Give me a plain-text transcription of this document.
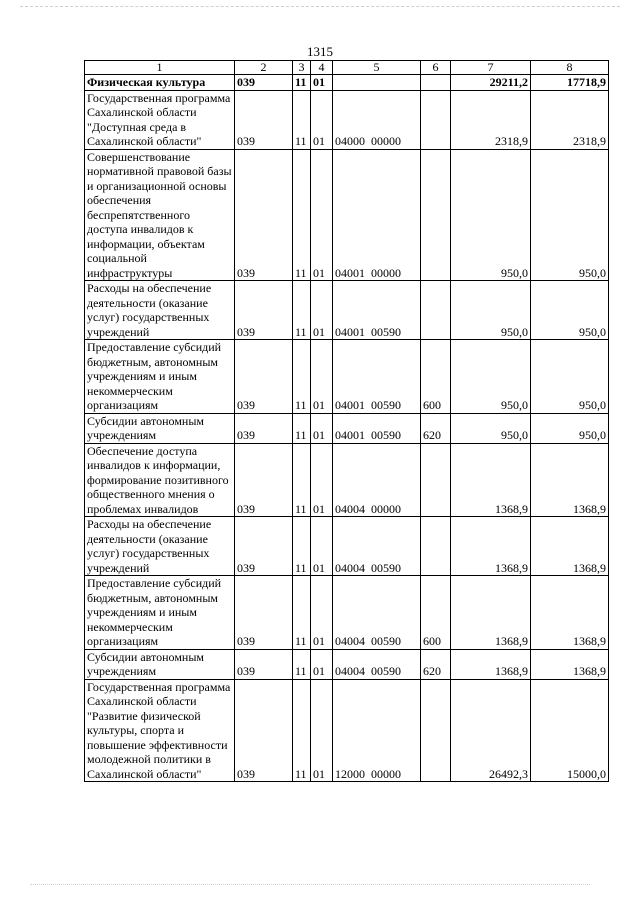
1315
1	2	3	4	5	6	7	8
Физическая культура	039	11	01			29211,2	17718,9
Государственная программа Сахалинской области "Доступная среда в Сахалинской области"	039	11	01	04000 00000		2318,9	2318,9
Совершенствование нормативной правовой базы и организационной основы обеспечения беспрепятственного доступа инвалидов к информации, объектам социальной инфраструктуры	039	11	01	04001 00000		950,0	950,0
Расходы на обеспечение деятельности (оказание услуг) государственных учреждений	039	11	01	04001 00590		950,0	950,0
Предоставление субсидий бюджетным, автономным учреждениям и иным некоммерческим организациям	039	11	01	04001 00590	600	950,0	950,0
Субсидии автономным учреждениям	039	11	01	04001 00590	620	950,0	950,0
Обеспечение доступа инвалидов к информации, формирование позитивного общественного мнения о проблемах инвалидов	039	11	01	04004 00000		1368,9	1368,9
Расходы на обеспечение деятельности (оказание услуг) государственных учреждений	039	11	01	04004 00590		1368,9	1368,9
Предоставление субсидий бюджетным, автономным учреждениям и иным некоммерческим организациям	039	11	01	04004 00590	600	1368,9	1368,9
Субсидии автономным учреждениям	039	11	01	04004 00590	620	1368,9	1368,9
Государственная программа Сахалинской области "Развитие физической культуры, спорта и повышение эффективности молодежной политики в Сахалинской области"	039	11	01	12000 00000		26492,3	15000,0
